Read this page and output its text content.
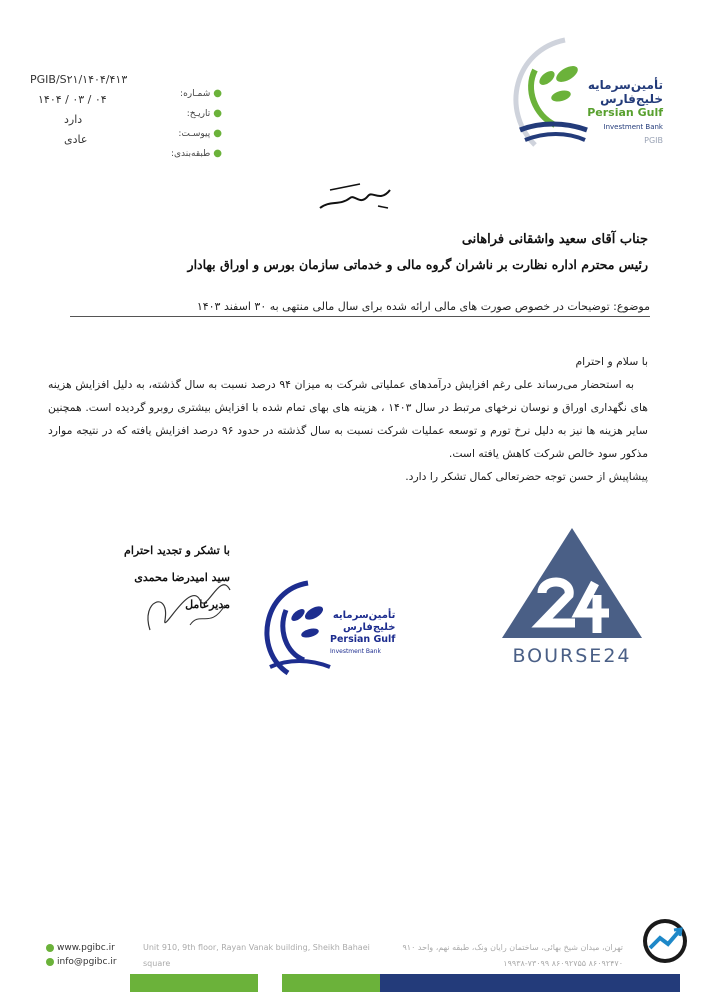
PGIB/S۲۱/۱۴۰۴/۴۱۳
۱۴۰۴ / ۰۳ / ۰۴
دارد
عادی
●شمـاره:
●تاریـخ:
●پیوسـت:
●طبقه‌بندی:
تأمین‌سرمایه
خلیج‌فارس
Persian Gulf
Investment Bank
PGIB
جناب آقای سعید واشقانی فراهانی
رئیس محترم اداره نظارت بر ناشران گروه مالی و خدماتی سازمان بورس و اوراق بهادار
موضوع: توضیحات در خصوص صورت های مالی ارائه شده برای سال مالی منتهی به ۳۰ اسفند ۱۴۰۳

با سلام و احترام

به استحضار می‌رساند علی رغم افزایش درآمدهای عملیاتی شرکت به میزان ۹۴ درصد نسبت به سال گذشته، به دلیل افزایش هزینه های نگهداری اوراق و نوسان نرخهای مرتبط در سال ۱۴۰۳ ، هزینه های بهای تمام شده با افزایش بیشتری روبرو گردیده است. همچنین سایر هزینه ها نیز به دلیل نرخ تورم و توسعه عملیات شرکت نسبت به سال گذشته در حدود ۹۶ درصد افزایش یافته که در نتیجه موارد مذکور سود خالص شرکت کاهش یافته است.

پیشاپیش از حسن توجه حضرتعالی کمال تشکر را دارد.

با تشکر و تجدید احترام
سید امیدرضا محمدی
مدیرعامل
تأمین‌سرمایه
خلیج‌فارس
Persian Gulf
Investment Bank	BOURSE24
www.pgibc.ir
info@pgibc.ir
Unit 910, 9th floor, Rayan Vanak building, Sheikh Bahaei square
تهران، میدان شیخ بهائی، ساختمان رایان ونک، طبقه نهم، واحد ۹۱۰
۸۶۰۹۲۴۷۰ ۸۶۰۹۲۷۵۵ ۱۹۹۳۸-۷۳۰۹۹
